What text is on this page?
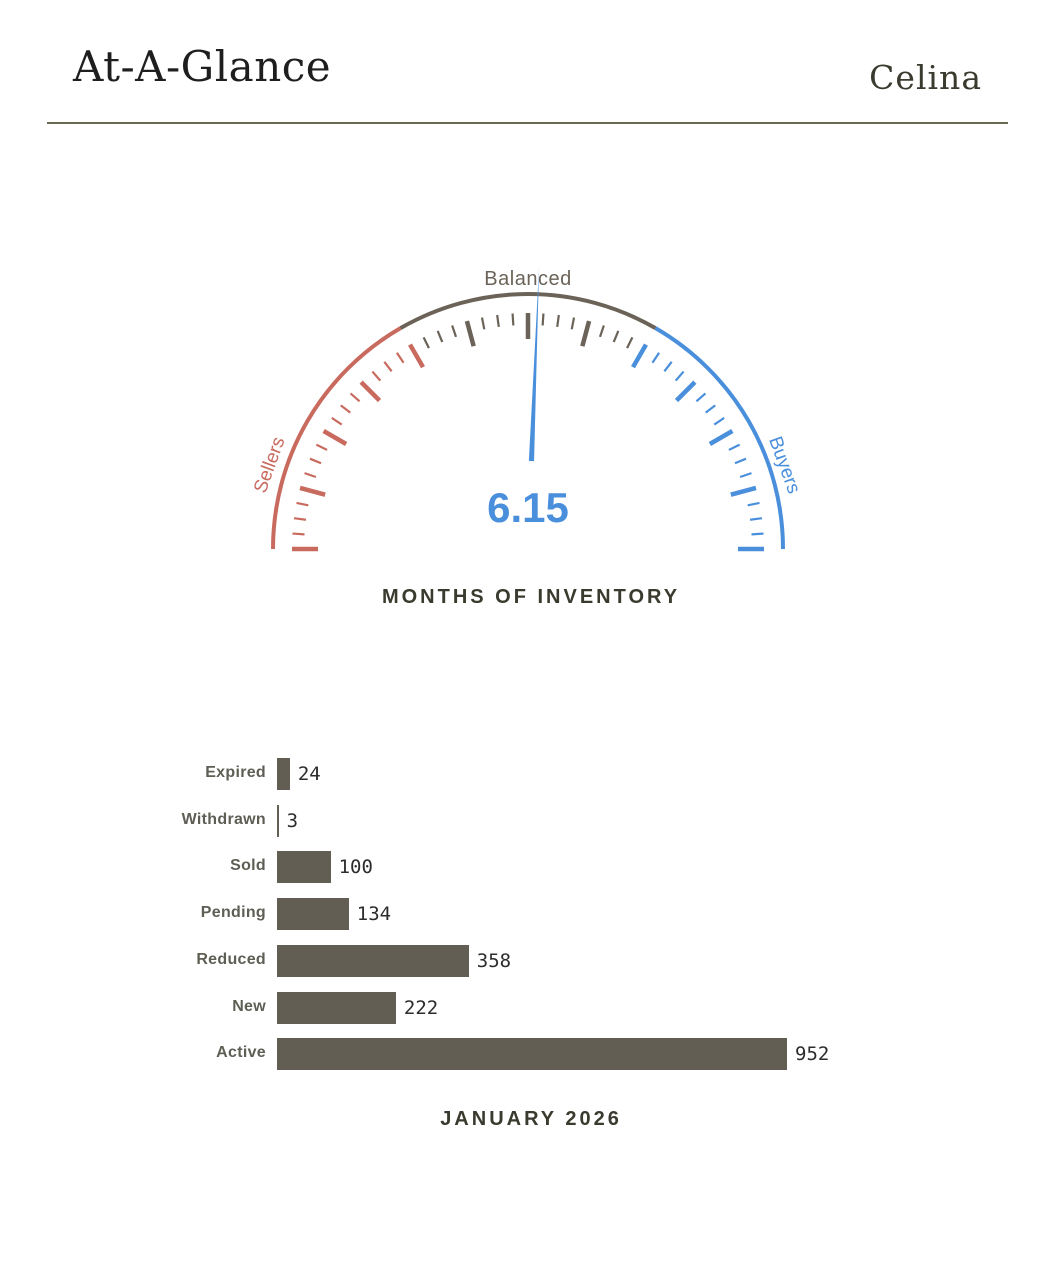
At-A-Glance	Celina
Balanced
Sellers	Buyers
6.15
MONTHS OF INVENTORY
Expired 24
Withdrawn 3
Sold	100
Pending	134
Reduced	358
New	222
Active	952
JANUARY 2026
